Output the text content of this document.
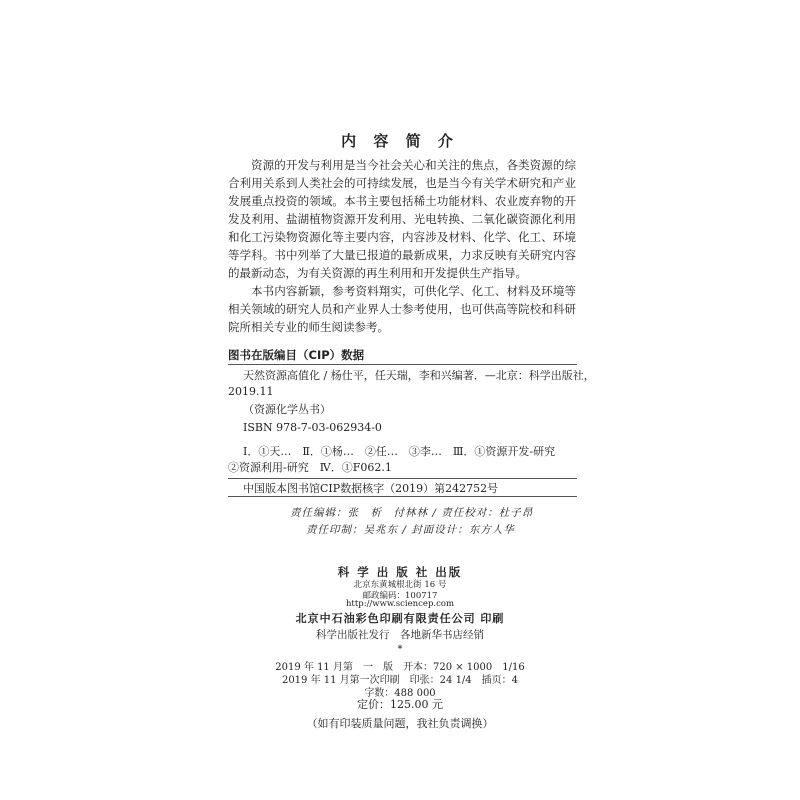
内 容 简 介

资源的开发与利用是当今社会关心和关注的焦点，各类资源的综合利用关系到人类社会的可持续发展，也是当今有关学术研究和产业发展重点投资的领域。本书主要包括稀土功能材料、农业废弃物的开发及利用、盐湖植物资源开发利用、光电转换、二氧化碳资源化利用和化工污染物资源化等主要内容，内容涉及材料、化学、化工、环境等学科。书中列举了大量已报道的最新成果，力求反映有关研究内容的最新动态，为有关资源的再生利用和开发提供生产指导。

本书内容新颖，参考资料翔实，可供化学、化工、材料及环境等相关领域的研究人员和产业界人士参考使用，也可供高等院校和科研院所相关专业的师生阅读参考。

图书在版编目（CIP）数据
天然资源高值化 / 杨仕平，任天瑞，李和兴编著．—北京：科学出版社，
2019.11
（资源化学丛书）
ISBN 978-7-03-062934-0
Ⅰ．①天…　Ⅱ．①杨…　②任…　③李…　Ⅲ．①资源开发-研究
②资源利用-研究　Ⅳ．①F062.1
中国版本图书馆CIP数据核字（2019）第242752号
责任编辑：张　析　付林林 / 责任校对：杜子昂
责任印制：吴兆东 / 封面设计：东方人华
科 学 出 版 社 出版
北京东黄城根北街 16 号
邮政编码：100717
http://www.sciencep.com
北京中石油彩色印刷有限责任公司 印刷
科学出版社发行　各地新华书店经销
*
2019 年 11 月第　一　版　开本：720 × 1000　1/16
2019 年 11 月第一次印刷　印张：24 1/4　插页：4
字数：488 000
定价：125.00 元
（如有印装质量问题，我社负责调换）
